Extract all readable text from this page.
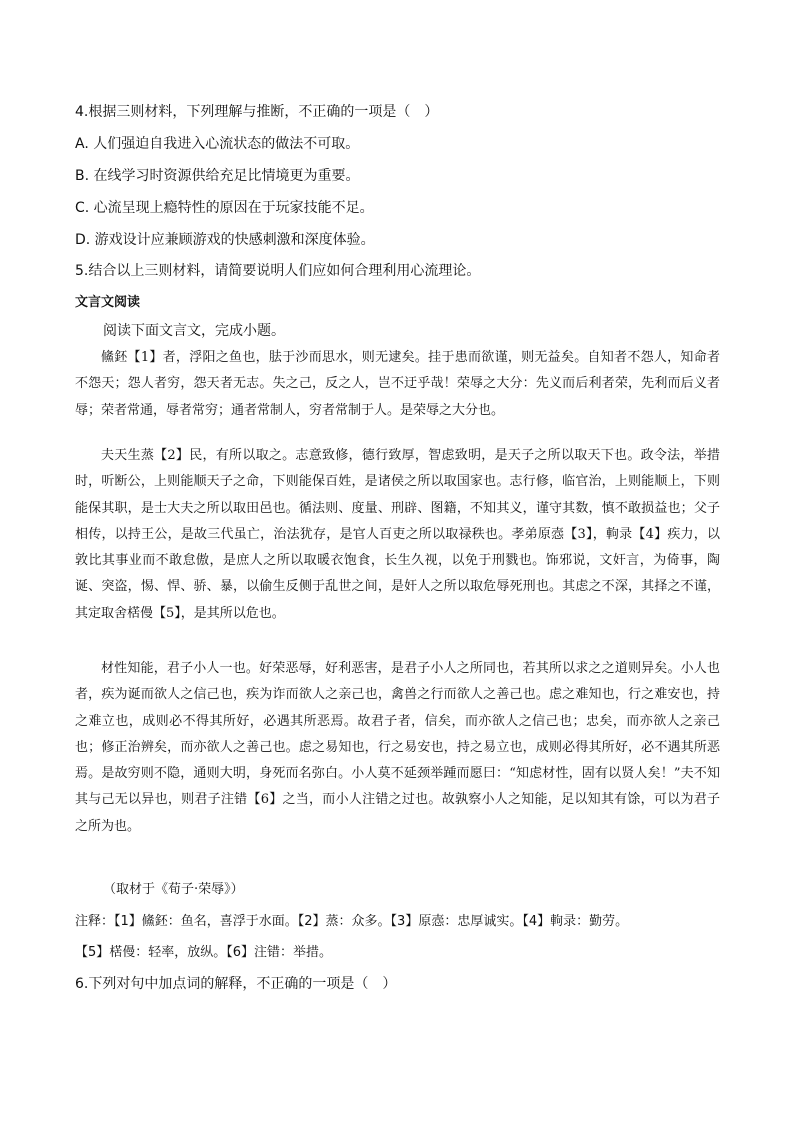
4.根据三则材料，下列理解与推断，不正确的一项是（　）
A. 人们强迫自我进入心流状态的做法不可取。
B. 在线学习时资源供给充足比情境更为重要。
C. 心流呈现上瘾特性的原因在于玩家技能不足。
D. 游戏设计应兼顾游戏的快感刺激和深度体验。
5.结合以上三则材料，请简要说明人们应如何合理利用心流理论。
文言文阅读
阅读下面文言文，完成小题。
鯈鉟【1】者，浮阳之鱼也，胠于沙而思水，则无逮矣。挂于患而欲谨，则无益矣。自知者不怨人，知命者不怨天；怨人者穷，怨天者无志。失之己，反之人，岂不迂乎哉！荣辱之大分：先义而后利者荣，先利而后义者辱；荣者常通，辱者常穷；通者常制人，穷者常制于人。是荣辱之大分也。
夫天生蒸【2】民，有所以取之。志意致修，德行致厚，智虑致明，是天子之所以取天下也。政令法，举措时，听断公，上则能顺天子之命，下则能保百姓，是诸侯之所以取国家也。志行修，临官治，上则能顺上，下则能保其职，是士大夫之所以取田邑也。循法则、度量、刑辟、图籍，不知其义，谨守其数，慎不敢损益也；父子相传，以持王公，是故三代虽亡，治法犹存，是官人百吏之所以取禄秩也。孝弟原悫【3】，軥录【4】疾力，以敦比其事业而不敢怠傲，是庶人之所以取暖衣饱食，长生久视，以免于刑戮也。饰邪说，文奸言，为倚事，陶诞、突盗，惕、悍、骄、暴，以偷生反侧于乱世之间，是奸人之所以取危辱死刑也。其虑之不深，其择之不谨，其定取舍楛僈【5】，是其所以危也。
材性知能，君子小人一也。好荣恶辱，好利恶害，是君子小人之所同也，若其所以求之之道则异矣。小人也者，疾为诞而欲人之信己也，疾为诈而欲人之亲己也，禽兽之行而欲人之善己也。虑之难知也，行之难安也，持之难立也，成则必不得其所好，必遇其所恶焉。故君子者，信矣，而亦欲人之信己也；忠矣，而亦欲人之亲己也；修正治辨矣，而亦欲人之善己也。虑之易知也，行之易安也，持之易立也，成则必得其所好，必不遇其所恶焉。是故穷则不隐，通则大明，身死而名弥白。小人莫不延颈举踵而愿曰：“知虑材性，固有以贤人矣！”夫不知其与己无以异也，则君子注错【6】之当，而小人注错之过也。故孰察小人之知能，足以知其有馀，可以为君子之所为也。
（取材于《荀子·荣辱》）
注释：【1】鯈鉟：鱼名，喜浮于水面。【2】蒸：众多。【3】原悫：忠厚诚实。【4】軥录：勤劳。
【5】楛僈：轻率，放纵。【6】注错：举措。
6.下列对句中加点词的解释，不正确的一项是（　）
